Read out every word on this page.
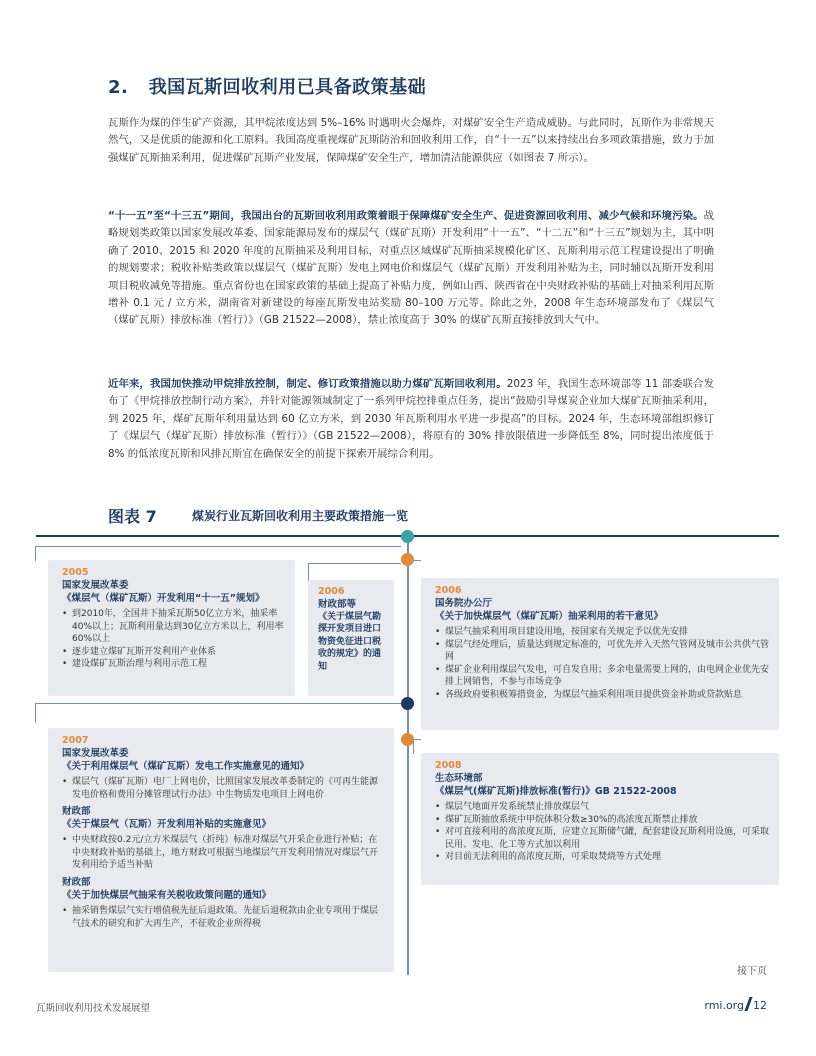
2. 我国瓦斯回收利用已具备政策基础

瓦斯作为煤的伴生矿产资源，其甲烷浓度达到 5%–16% 时遇明火会爆炸，对煤矿安全生产造成威胁。与此同时，瓦斯作为非常规天然气，又是优质的能源和化工原料。我国高度重视煤矿瓦斯防治和回收利用工作，自“十一五”以来持续出台多项政策措施，致力于加强煤矿瓦斯抽采利用，促进煤矿瓦斯产业发展，保障煤矿安全生产，增加清洁能源供应（如图表 7 所示）。

“十一五”至“十三五”期间，我国出台的瓦斯回收利用政策着眼于保障煤矿安全生产、促进资源回收利用、减少气候和环境污染。战略规划类政策以国家发展改革委、国家能源局发布的煤层气（煤矿瓦斯）开发利用“十一五”、“十二五”和“十三五”规划为主，其中明确了 2010、2015 和 2020 年度的瓦斯抽采及利用目标，对重点区域煤矿瓦斯抽采规模化矿区、瓦斯利用示范工程建设提出了明确的规划要求；税收补贴类政策以煤层气（煤矿瓦斯）发电上网电价和煤层气（煤矿瓦斯）开发利用补贴为主，同时辅以瓦斯开发利用项目税收减免等措施。重点省份也在国家政策的基础上提高了补贴力度，例如山西、陕西省在中央财政补贴的基础上对抽采利用瓦斯增补 0.1 元 / 立方米，湖南省对新建设的每座瓦斯发电站奖励 80–100 万元等。除此之外，2008 年生态环境部发布了《煤层气（煤矿瓦斯）排放标准（暂行）》（GB 21522—2008），禁止浓度高于 30% 的煤矿瓦斯直接排放到大气中。

近年来，我国加快推动甲烷排放控制，制定、修订政策措施以助力煤矿瓦斯回收利用。2023 年，我国生态环境部等 11 部委联合发布了《甲烷排放控制行动方案》，并针对能源领域制定了一系列甲烷控排重点任务，提出“鼓励引导煤炭企业加大煤矿瓦斯抽采利用，到 2025 年，煤矿瓦斯年利用量达到 60 亿立方米，到 2030 年瓦斯利用水平进一步提高”的目标。2024 年，生态环境部组织修订了《煤层气（煤矿瓦斯）排放标准（暂行）》（GB 21522—2008），将原有的 30% 排放限值进一步降低至 8%，同时提出浓度低于 8% 的低浓度瓦斯和风排瓦斯宜在确保安全的前提下探索开展综合利用。

图表 7	煤炭行业瓦斯回收利用主要政策措施一览
2005
国家发展改革委
《煤层气（煤矿瓦斯）开发利用“十一五”规划》
• 到2010年，全国井下抽采瓦斯50亿立方米，抽采率40%以上；瓦斯利用量达到30亿立方米以上，利用率60%以上
• 逐步建立煤矿瓦斯开发利用产业体系
• 建设煤矿瓦斯治理与利用示范工程
2006
财政部等
《关于煤层气勘探开发项目进口物资免征进口税收的规定》的通知
2006
国务院办公厅
《关于加快煤层气（煤矿瓦斯）抽采利用的若干意见》
• 煤层气抽采利用项目建设用地，按国家有关规定予以优先安排
• 煤层气经处理后，质量达到规定标准的，可优先并入天然气管网及城市公共供气管网
• 煤矿企业利用煤层气发电，可自发自用；多余电量需要上网的，由电网企业优先安排上网销售，不参与市场竞争
• 各级政府要积极筹措资金，为煤层气抽采利用项目提供资金补助或贷款贴息
2007
国家发展改革委
《关于利用煤层气（煤矿瓦斯）发电工作实施意见的通知》
• 煤层气（煤矿瓦斯）电厂上网电价，比照国家发展改革委制定的《可再生能源发电价格和费用分摊管理试行办法》中生物质发电项目上网电价
财政部
《关于煤层气（瓦斯）开发利用补贴的实施意见》
• 中央财政按0.2元/立方米煤层气（折纯）标准对煤层气开采企业进行补贴；在中央财政补贴的基础上，地方财政可根据当地煤层气开发利用情况对煤层气开发利用给予适当补贴
财政部
《关于加快煤层气抽采有关税收政策问题的通知》
• 抽采销售煤层气实行增值税先征后退政策。先征后退税款由企业专项用于煤层气技术的研究和扩大再生产，不征收企业所得税
2008
生态环境部
《煤层气(煤矿瓦斯)排放标准(暂行)》GB 21522-2008
• 煤层气地面开发系统禁止排放煤层气
• 煤矿瓦斯抽放系统中甲烷体积分数≥30%的高浓度瓦斯禁止排放
• 对可直接利用的高浓度瓦斯，应建立瓦斯储气罐，配套建设瓦斯利用设施，可采取民用、发电、化工等方式加以利用
• 对目前无法利用的高浓度瓦斯，可采取焚烧等方式处理
接下页
瓦斯回收利用技术发展展望	rmi.org 12
